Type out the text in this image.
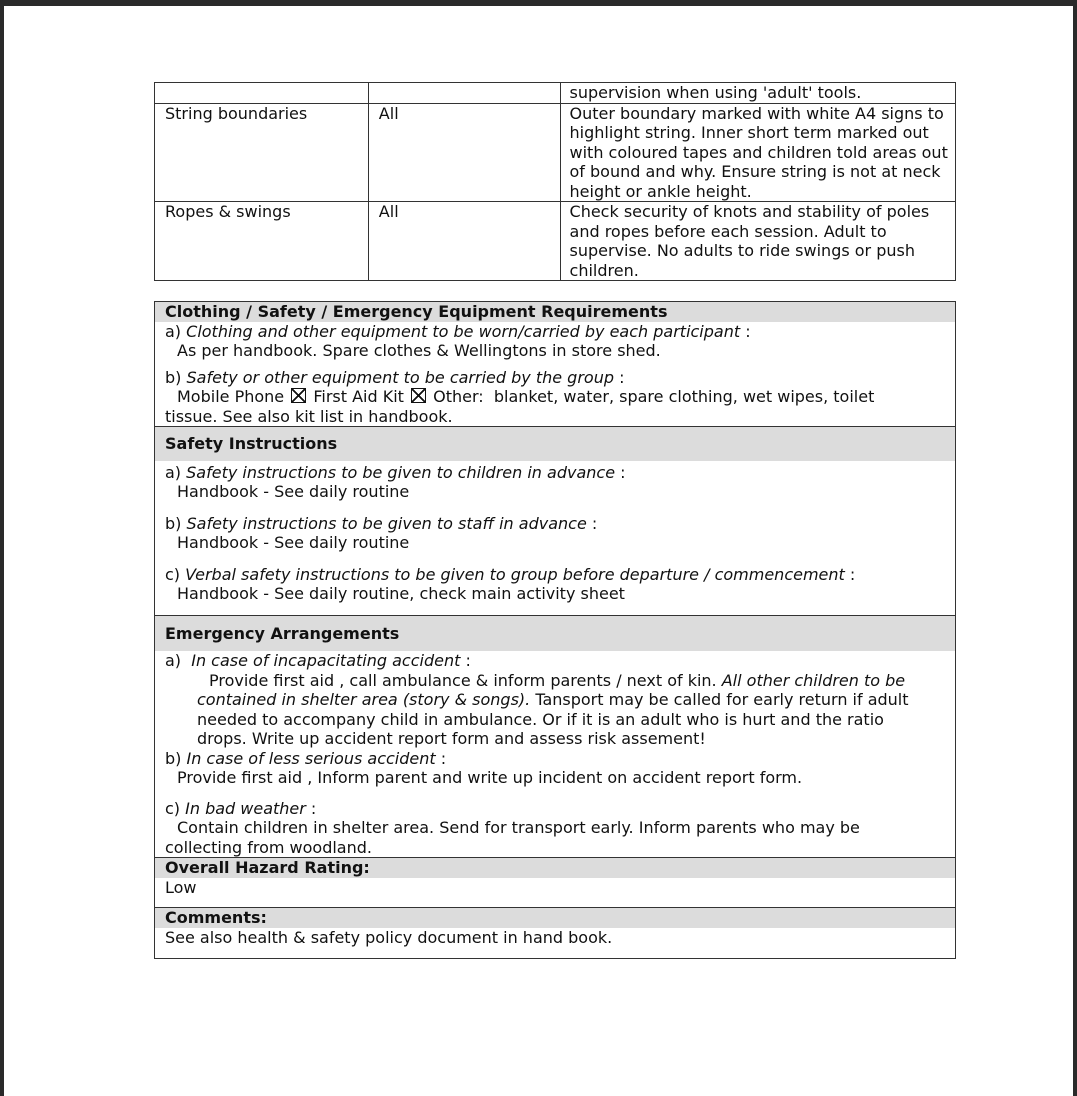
		supervision when using 'adult' tools.
String boundaries	All	Outer boundary marked with white A4 signs to highlight string. Inner short term marked out with coloured tapes and children told areas out of bound and why. Ensure string is not at neck height or ankle height.
Ropes & swings	All	Check security of knots and stability of poles and ropes before each session. Adult to supervise. No adults to ride swings or push children.
Clothing / Safety / Emergency Equipment Requirements
a) Clothing and other equipment to be worn/carried by each participant :
As per handbook. Spare clothes & Wellingtons in store shed.
b) Safety or other equipment to be carried by the group :
Mobile Phone First Aid Kit Other: blanket, water, spare clothing, wet wipes, toilet
tissue. See also kit list in handbook.
Safety Instructions
a) Safety instructions to be given to children in advance :
Handbook - See daily routine
b) Safety instructions to be given to staff in advance :
Handbook - See daily routine
c) Verbal safety instructions to be given to group before departure / commencement :
Handbook - See daily routine, check main activity sheet
Emergency Arrangements
a) In case of incapacitating accident :
Provide first aid , call ambulance & inform parents / next of kin. All other children to be
contained in shelter area (story & songs). Tansport may be called for early return if adult
needed to accompany child in ambulance. Or if it is an adult who is hurt and the ratio
drops. Write up accident report form and assess risk assement!
b) In case of less serious accident :
Provide first aid , Inform parent and write up incident on accident report form.
c) In bad weather :
Contain children in shelter area. Send for transport early. Inform parents who may be
collecting from woodland.
Overall Hazard Rating:
Low
Comments:
See also health & safety policy document in hand book.
